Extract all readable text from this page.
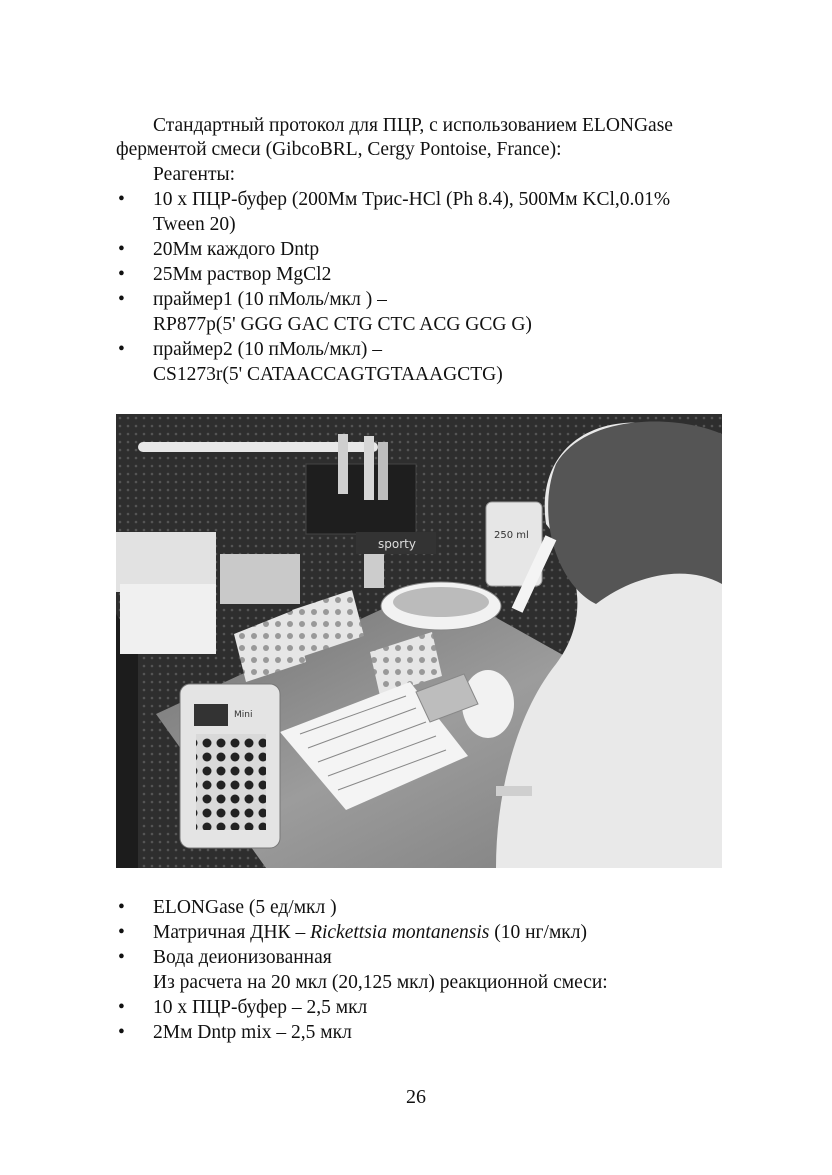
Стандартный протокол для ПЦР, с использованием ELONGase
ферментой смеси (GibcoBRL, Cergy Pontoise, France):
Реагенты:
• 10 x ПЦР-буфер (200Мм Трис-HCl (Ph 8.4), 500Мм KCl,0.01%
Tween 20)
• 20Мм каждого Dntp
• 25Мм раствор MgCl2
• праймер1 (10 пМоль/мкл ) –
RP877p(5' GGG GAC CTG CTC ACG GCG G)
• праймер2 (10 пМоль/мкл) –
CS1273r(5' CATAACCAGTGTAAAGCTG)
sporty
250 ml
Mini
• ELONGase (5 ед/мкл )
• Матричная ДНК – Rickettsia montanensis (10 нг/мкл)
• Вода деионизованная
Из расчета на 20 мкл (20,125 мкл) реакционной смеси:
• 10 x ПЦР-буфер – 2,5 мкл
• 2Мм Dntp mix – 2,5 мкл
26
